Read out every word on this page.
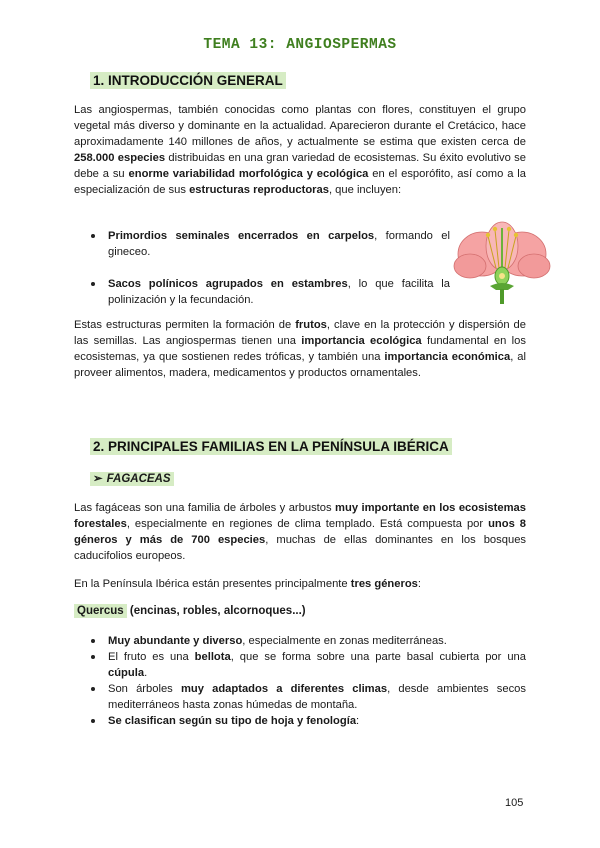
TEMA 13: ANGIOSPERMAS
1. INTRODUCCIÓN GENERAL

Las angiospermas, también conocidas como plantas con flores, constituyen el grupo vegetal más diverso y dominante en la actualidad. Aparecieron durante el Cretácico, hace aproximadamente 140 millones de años, y actualmente se estima que existen cerca de 258.000 especies distribuidas en una gran variedad de ecosistemas. Su éxito evolutivo se debe a su enorme variabilidad morfológica y ecológica en el esporófito, así como a la especialización de sus estructuras reproductoras, que incluyen:

Primordios seminales encerrados en carpelos, formando el gineceo.
Sacos polínicos agrupados en estambres, lo que facilita la polinización y la fecundación.

Estas estructuras permiten la formación de frutos, clave en la protección y dispersión de las semillas. Las angiospermas tienen una importancia ecológica fundamental en los ecosistemas, ya que sostienen redes tróficas, y también una importancia económica, al proveer alimentos, madera, medicamentos y productos ornamentales.

2. PRINCIPALES FAMILIAS EN LA PENÍNSULA IBÉRICA
➢ FAGACEAS

Las fagáceas son una familia de árboles y arbustos muy importante en los ecosistemas forestales, especialmente en regiones de clima templado. Está compuesta por unos 8 géneros y más de 700 especies, muchas de ellas dominantes en los bosques caducifolios europeos.

En la Península Ibérica están presentes principalmente tres géneros:

Quercus (encinas, robles, alcornoques...)
Muy abundante y diverso, especialmente en zonas mediterráneas.
El fruto es una bellota, que se forma sobre una parte basal cubierta por una cúpula.
Son árboles muy adaptados a diferentes climas, desde ambientes secos mediterráneos hasta zonas húmedas de montaña.
Se clasifican según su tipo de hoja y fenología:
105
